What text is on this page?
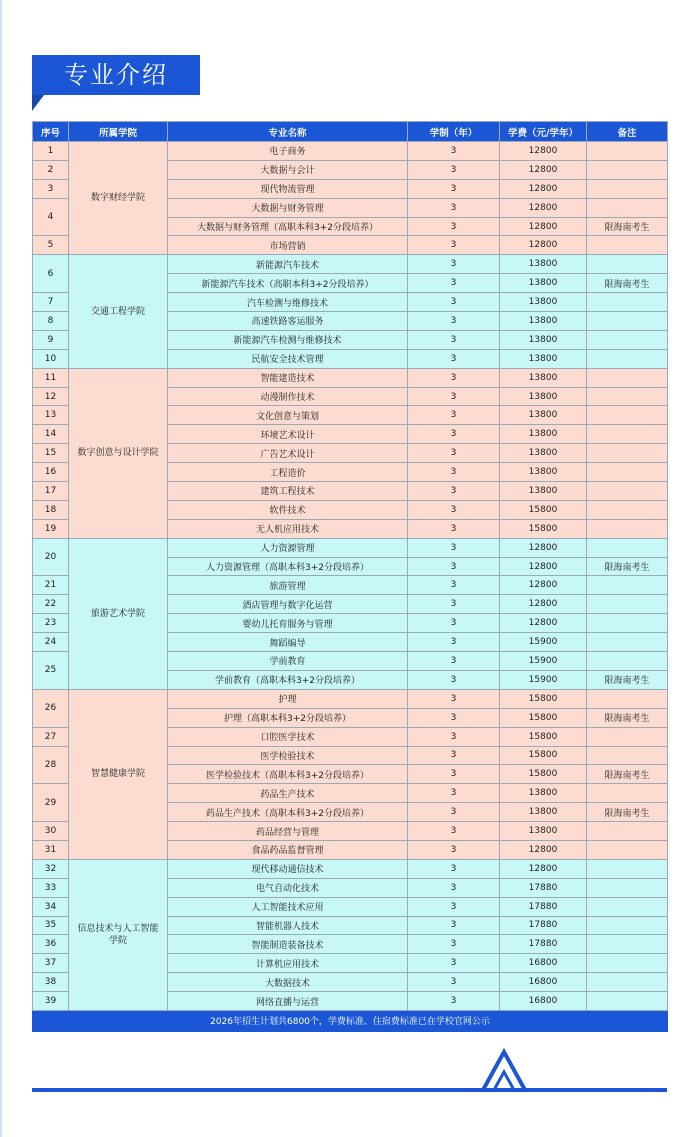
专业介绍
序号	所属学院	专业名称	学制（年）	学费（元/学年）	备注
1	数字财经学院	电子商务	3	12800	
2		大数据与会计	3	12800	
3		现代物流管理	3	12800	
4		大数据与财务管理	3	12800	
		大数据与财务管理（高职本科3+2分段培养）	3	12800	限海南考生
5		市场营销	3	12800	
6	交通工程学院	新能源汽车技术	3	13800	
		新能源汽车技术（高职本科3+2分段培养）	3	13800	限海南考生
7		汽车检测与维修技术	3	13800	
8		高速铁路客运服务	3	13800	
9		新能源汽车检测与维修技术	3	13800	
10		民航安全技术管理	3	13800	
11	数字创意与设计学院	智能建造技术	3	13800	
12		动漫制作技术	3	13800	
13		文化创意与策划	3	13800	
14		环境艺术设计	3	13800	
15		广告艺术设计	3	13800	
16		工程造价	3	13800	
17		建筑工程技术	3	13800	
18		软件技术	3	15800	
19		无人机应用技术	3	15800	
20	旅游艺术学院	人力资源管理	3	12800	
		人力资源管理（高职本科3+2分段培养）	3	12800	限海南考生
21		旅游管理	3	12800	
22		酒店管理与数字化运营	3	12800	
23		婴幼儿托育服务与管理	3	12800	
24		舞蹈编导	3	15900	
25		学前教育	3	15900	
		学前教育（高职本科3+2分段培养）	3	15900	限海南考生
26	智慧健康学院	护理	3	15800	
		护理（高职本科3+2分段培养）	3	15800	限海南考生
27		口腔医学技术	3	15800	
28		医学检验技术	3	15800	
		医学检验技术（高职本科3+2分段培养）	3	15800	限海南考生
29		药品生产技术	3	13800	
		药品生产技术（高职本科3+2分段培养）	3	13800	限海南考生
30		药品经营与管理	3	13800	
31		食品药品监督管理	3	12800	
32	信息技术与人工智能学院	现代移动通信技术	3	12800	
33		电气自动化技术	3	17880	
34		人工智能技术应用	3	17880	
35		智能机器人技术	3	17880	
36		智能制造装备技术	3	17880	
37		计算机应用技术	3	16800	
38		大数据技术	3	16800	
39		网络直播与运营	3	16800	
2026年招生计划共6800个，学费标准、住宿费标准已在学校官网公示					
